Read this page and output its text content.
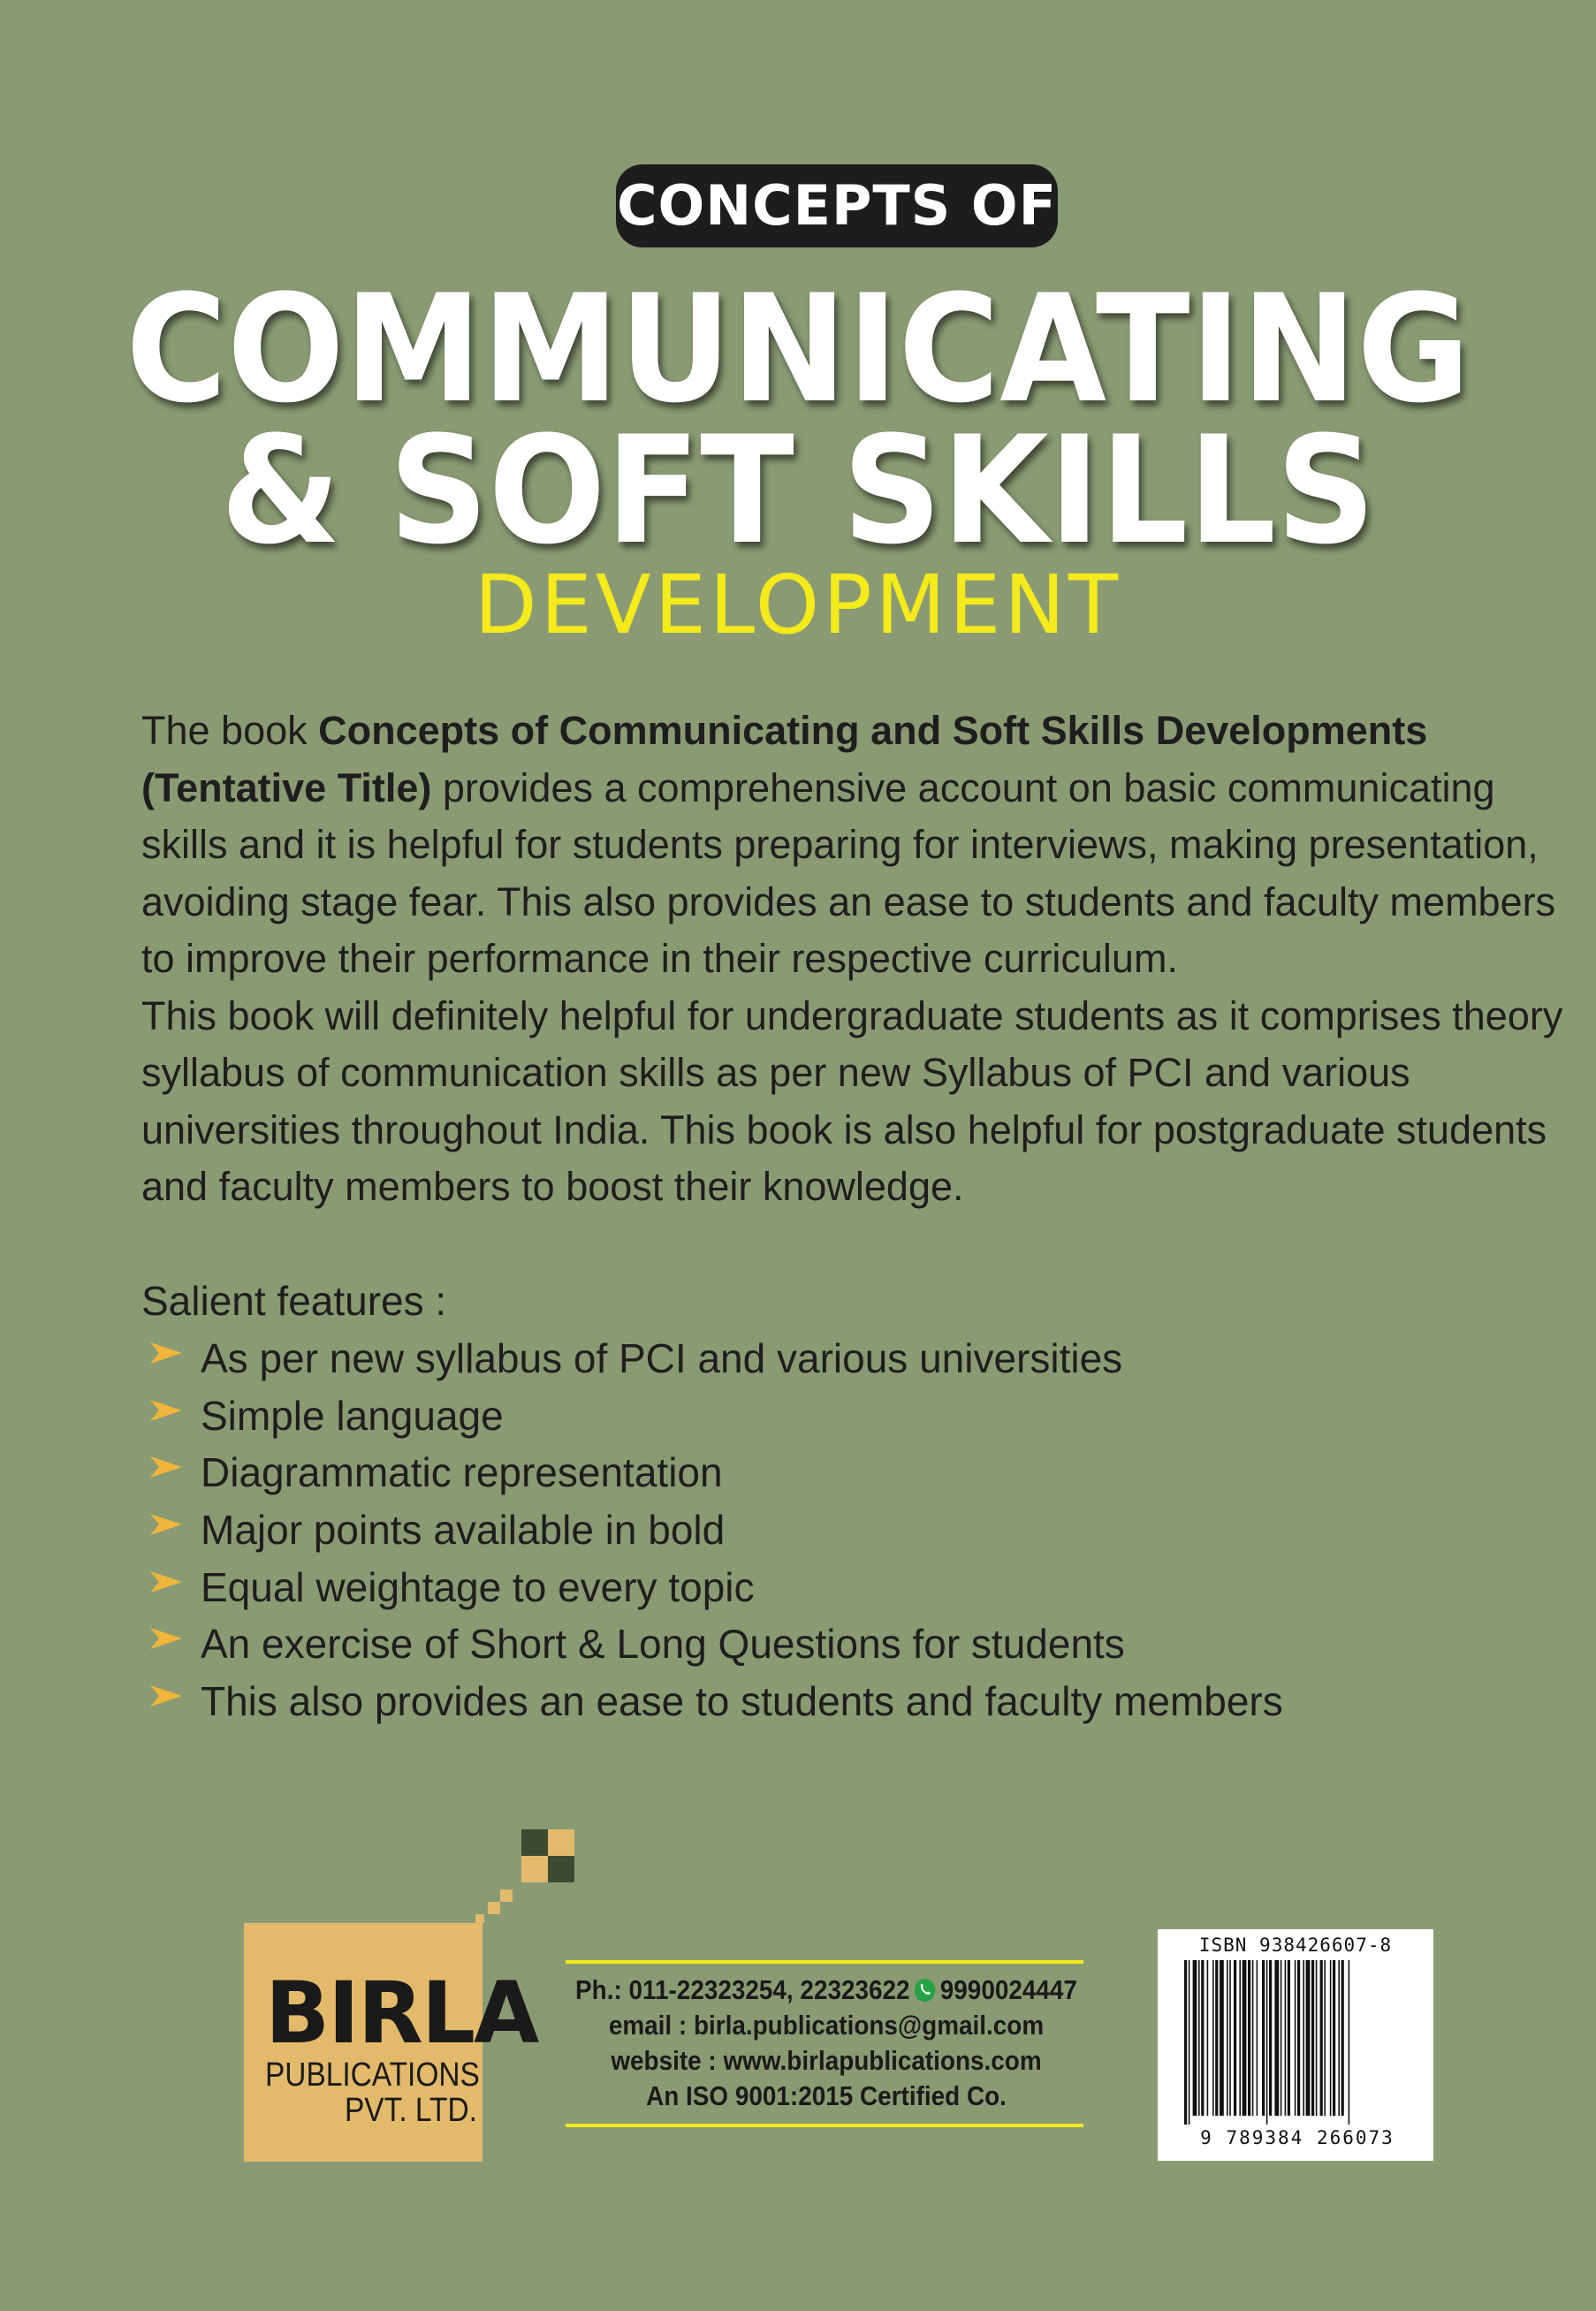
CONCEPTS OF
COMMUNICATING
& SOFT SKILLS
DEVELOPMENT

The book Concepts of Communicating and Soft Skills Developments (Tentative Title) provides a comprehensive account on basic communicating skills and it is helpful for students preparing for interviews, making presentation, avoiding stage fear. This also provides an ease to students and faculty members to improve their performance in their respective curriculum.

This book will definitely helpful for undergraduate students as it comprises theory syllabus of communication skills as per new Syllabus of PCI and various universities throughout India. This book is also helpful for postgraduate students and faculty members to boost their knowledge.

Salient features :
As per new syllabus of PCI and various universities
Simple language
Diagrammatic representation
Major points available in bold
Equal weightage to every topic
An exercise of Short & Long Questions for students
This also provides an ease to students and faculty members
BIRLA
PUBLICATIONS
PVT. LTD.
Ph.: 011-22323254, 22323622 9990024447
email : birla.publications@gmail.com
website : www.birlapublications.com
An ISO 9001:2015 Certified Co.
ISBN 938426607-8
9 789384 266073
